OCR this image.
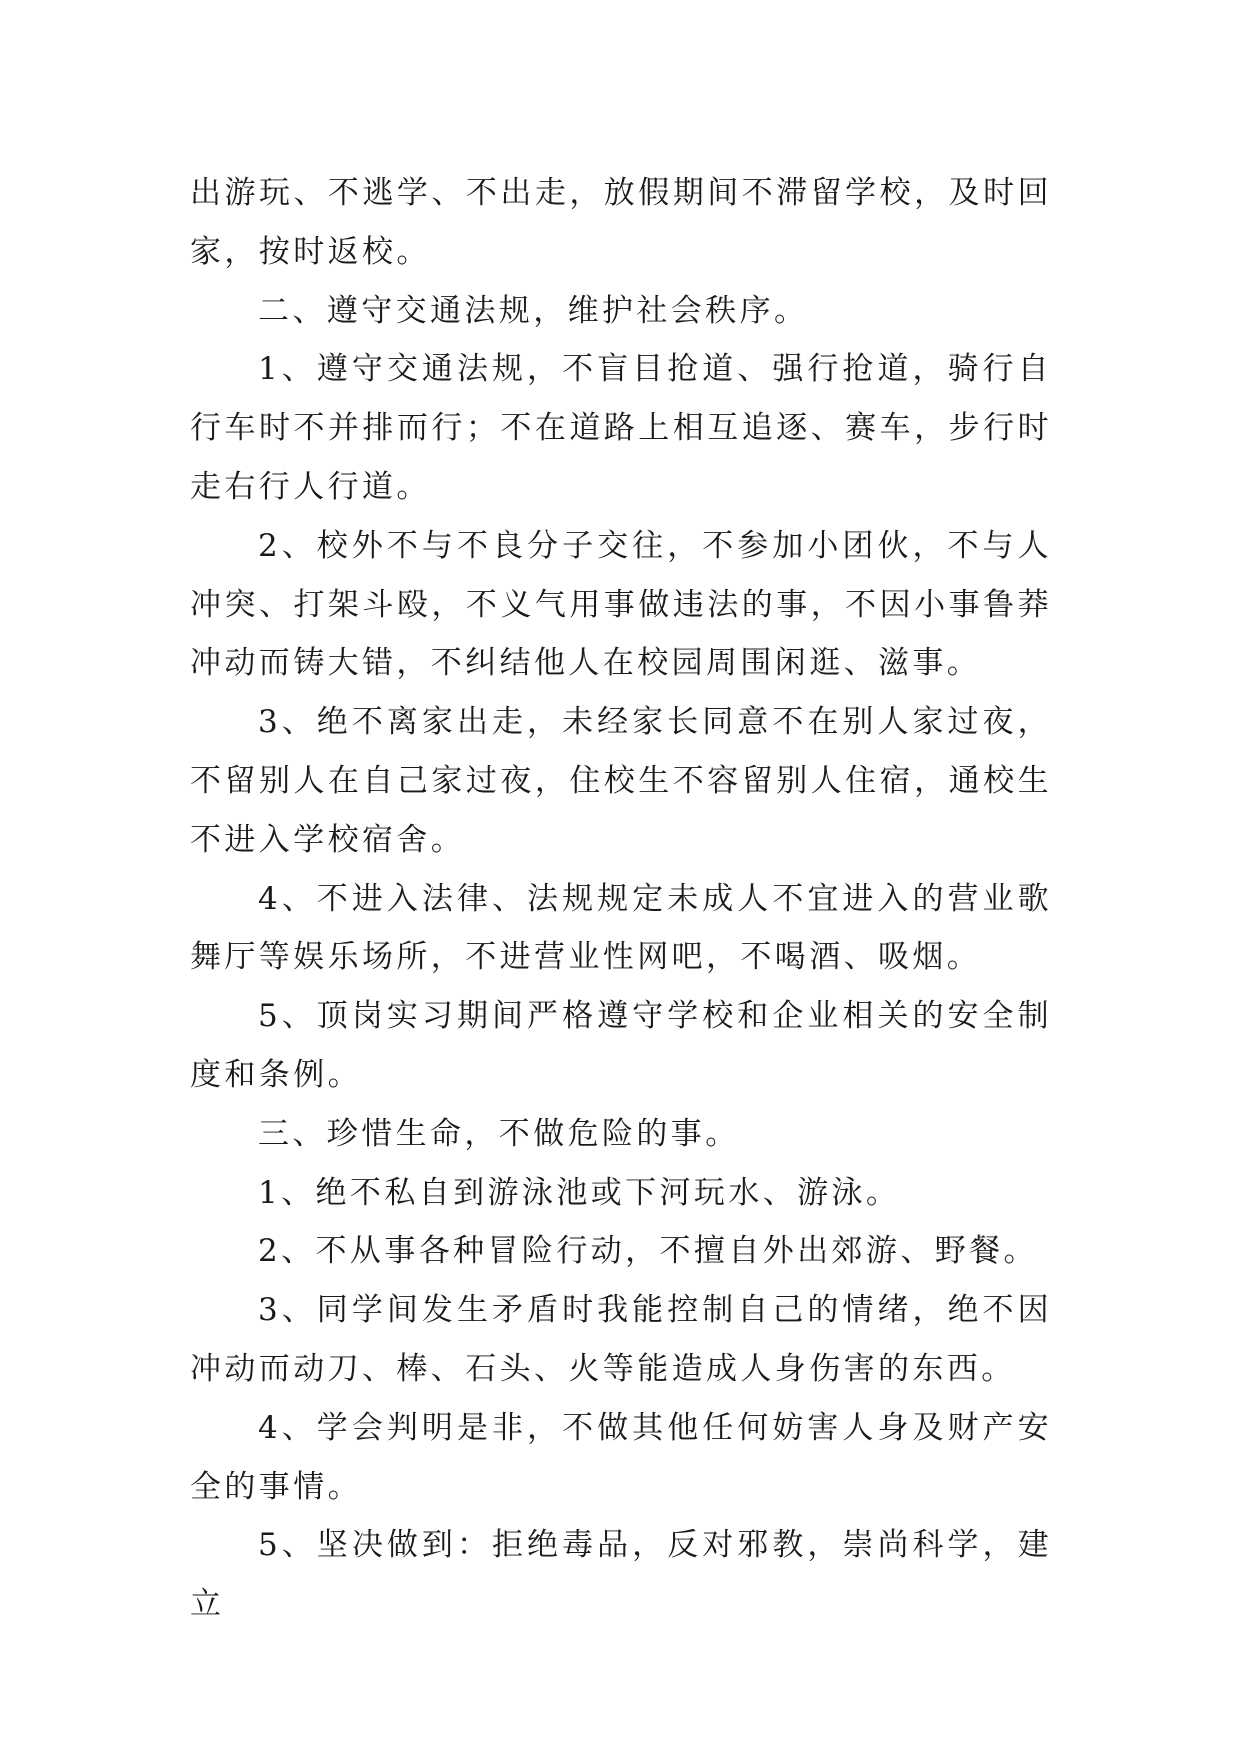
出游玩、不逃学、不出走，放假期间不滞留学校，及时回家，按时返校。

二、遵守交通法规，维护社会秩序。

1、遵守交通法规，不盲目抢道、强行抢道，骑行自行车时不并排而行；不在道路上相互追逐、赛车，步行时走右行人行道。

2、校外不与不良分子交往，不参加小团伙，不与人冲突、打架斗殴，不义气用事做违法的事，不因小事鲁莽冲动而铸大错，不纠结他人在校园周围闲逛、滋事。

3、绝不离家出走，未经家长同意不在别人家过夜，不留别人在自己家过夜，住校生不容留别人住宿，通校生不进入学校宿舍。

4、不进入法律、法规规定未成人不宜进入的营业歌舞厅等娱乐场所，不进营业性网吧，不喝酒、吸烟。

5、顶岗实习期间严格遵守学校和企业相关的安全制度和条例。

三、珍惜生命，不做危险的事。

1、绝不私自到游泳池或下河玩水、游泳。

2、不从事各种冒险行动，不擅自外出郊游、野餐。

3、同学间发生矛盾时我能控制自己的情绪，绝不因冲动而动刀、棒、石头、火等能造成人身伤害的东西。

4、学会判明是非，不做其他任何妨害人身及财产安全的事情。

5、坚决做到：拒绝毒品，反对邪教，崇尚科学，建立
